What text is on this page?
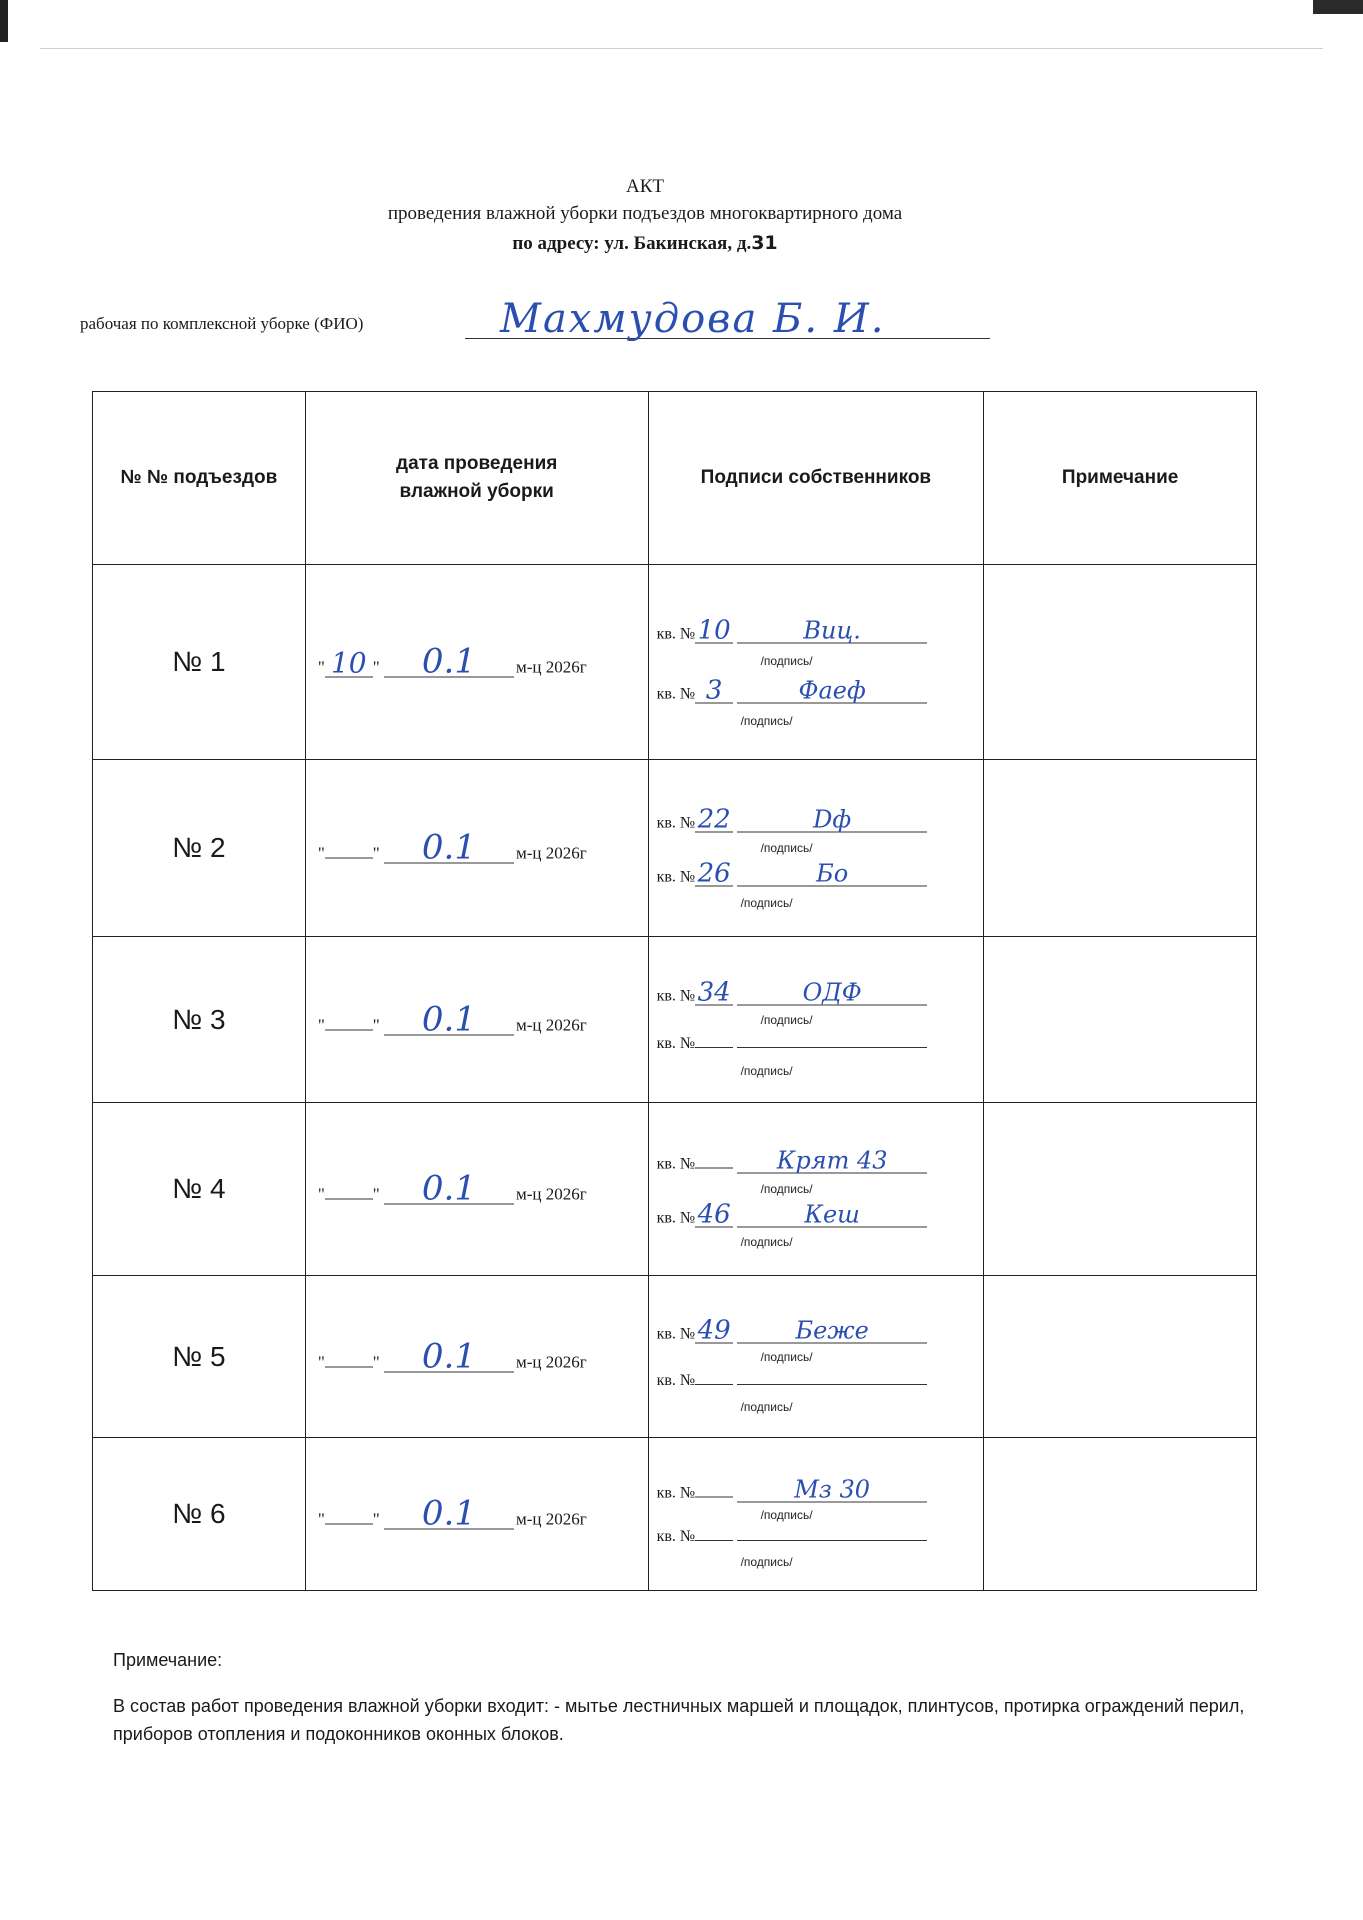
АКТ
проведения влажной уборки подъездов многоквартирного дома
по адресу: ул. Бакинская, д.31
рабочая по комплексной уборке (ФИО)	Махмудова Б. И.
№ № подъездов	дата проведения влажной уборки	Подписи собственников	Примечание
№ 1	" 10 " 0.1 м-ц 2026г	кв. №10 Виц.
/подпись/
кв. № 3 Фаеф
/подпись/	

№ 2	" " 0.1 м-ц 2026г	кв. №22 Dф
/подпись/
кв. №26 Бо
/подпись/	

№ 3	" " 0.1 м-ц 2026г	кв. №34 ОДФ
/подпись/
кв. №
/подпись/	

№ 4	" " 0.1 м-ц 2026г	кв. № Крят 43
/подпись/
кв. №46 Кеш
/подпись/	

№ 5	" " 0.1 м-ц 2026г	кв. №49 Беже
/подпись/
кв. №
/подпись/	

№ 6	" " 0.1 м-ц 2026г	кв. № Мз 30
/подпись/
кв. №
/подпись/	

Примечание:
В состав работ проведения влажной уборки входит: - мытье лестничных маршей и площадок, плинтусов, протирка ограждений перил, приборов отопления и подоконников оконных блоков.
